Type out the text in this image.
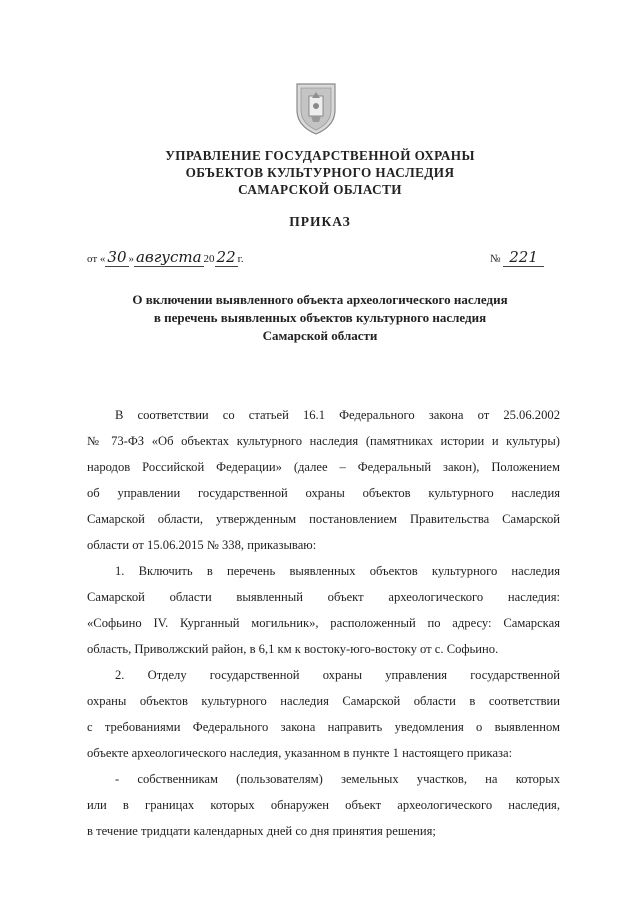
УПРАВЛЕНИЕ ГОСУДАРСТВЕННОЙ ОХРАНЫ
ОБЪЕКТОВ КУЛЬТУРНОГО НАСЛЕДИЯ
САМАРСКОЙ ОБЛАСТИ
ПРИКАЗ
от « 30 » августа 20 22 г.	№ 221
О включении выявленного объекта археологического наследия
в перечень выявленных объектов культурного наследия
Самарской области
В соответствии со статьей 16.1 Федерального закона от 25.06.2002
№ 73-ФЗ «Об объектах культурного наследия (памятниках истории и культуры)
народов Российской Федерации» (далее – Федеральный закон), Положением
об управлении государственной охраны объектов культурного наследия
Самарской области, утвержденным постановлением Правительства Самарской
области от 15.06.2015 № 338, приказываю:
1. Включить в перечень выявленных объектов культурного наследия
Самарской области выявленный объект археологического наследия:
«Софьино IV. Курганный могильник», расположенный по адресу: Самарская
область, Приволжский район, в 6,1 км к востоку-юго-востоку от с. Софьино.
2. Отделу государственной охраны управления государственной
охраны объектов культурного наследия Самарской области в соответствии
с требованиями Федерального закона направить уведомления о выявленном
объекте археологического наследия, указанном в пункте 1 настоящего приказа:
- собственникам (пользователям) земельных участков, на которых
или в границах которых обнаружен объект археологического наследия,
в течение тридцати календарных дней со дня принятия решения;
